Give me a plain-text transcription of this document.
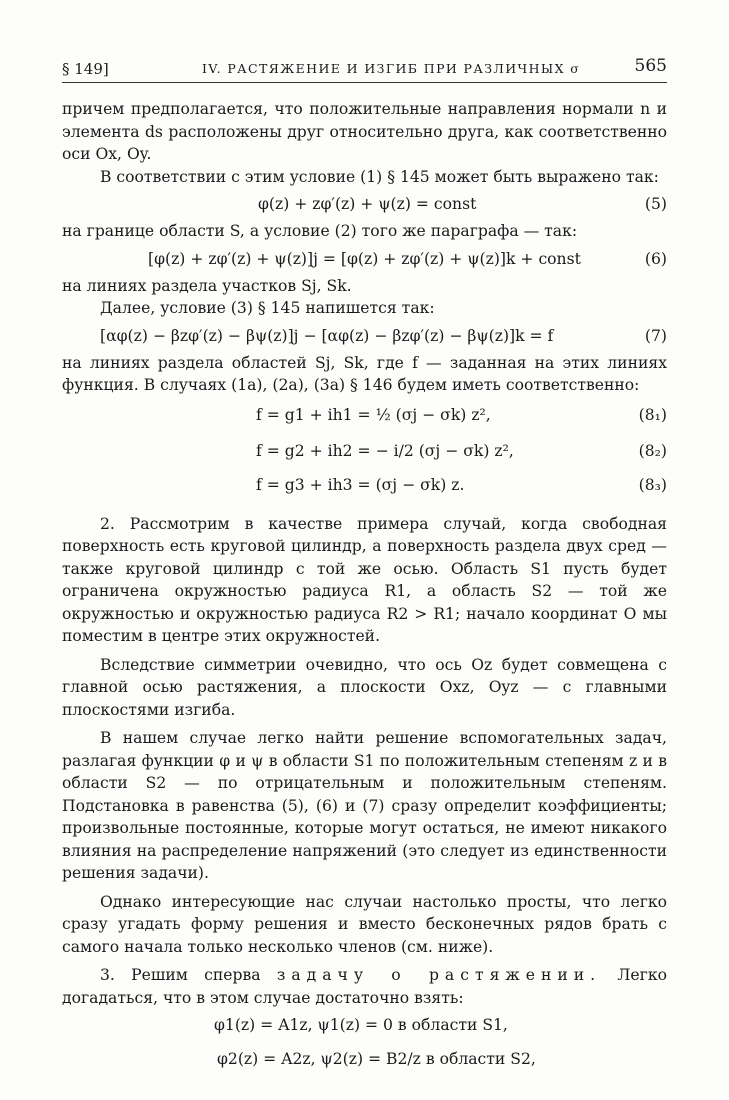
§ 149]	IV. РАСТЯЖЕНИЕ И ИЗГИБ ПРИ РАЗЛИЧНЫХ σ	565

причем предполагается, что положительные направления нормали n и элемента ds расположены друг относительно друга, как соответственно оси Ox, Oy.

В соответствии с этим условие (1) § 145 может быть выражено так:

φ(z) + zφ′(z) + ψ(z) = const	(5)

на границе области S, а условие (2) того же параграфа — так:

[φ(z) + zφ′(z) + ψ(z)]j = [φ(z) + zφ′(z) + ψ(z)]k + const	(6)

на линиях раздела участков Sj, Sk.

Далее, условие (3) § 145 напишется так:

[αφ(z) − βzφ′(z) − βψ(z)]j − [αφ(z) − βzφ′(z) − βψ(z)]k = f	(7)

на линиях раздела областей Sj, Sk, где f — заданная на этих линиях функция. В случаях (1а), (2а), (3а) § 146 будем иметь соответственно:

f = g1 + ih1 = ½ (σj − σk) z²,	(8₁)
f = g2 + ih2 = − i/2 (σj − σk) z²,	(8₂)
f = g3 + ih3 = (σj − σk) z.	(8₃)

2. Рассмотрим в качестве примера случай, когда свободная поверхность есть круговой цилиндр, а поверхность раздела двух сред — также круговой цилиндр с той же осью. Область S1 пусть будет ограничена окружностью радиуса R1, а область S2 — той же окружностью и окружностью радиуса R2 > R1; начало координат O мы поместим в центре этих окружностей.

Вследствие симметрии очевидно, что ось Oz будет совмещена с главной осью растяжения, а плоскости Oxz, Oyz — с главными плоскостями изгиба.

В нашем случае легко найти решение вспомогательных задач, разлагая функции φ и ψ в области S1 по положительным степеням z и в области S2 — по отрицательным и положительным степеням. Подстановка в равенства (5), (6) и (7) сразу определит коэффициенты; произвольные постоянные, которые могут остаться, не имеют никакого влияния на распределение напряжений (это следует из единственности решения задачи).

Однако интересующие нас случаи настолько просты, что легко сразу угадать форму решения и вместо бесконечных рядов брать с самого начала только несколько членов (см. ниже).

3. Решим сперва задачу о растяжении. Легко догадаться, что в этом случае достаточно взять:

φ1(z) = A1z, ψ1(z) = 0 в области S1,
φ2(z) = A2z, ψ2(z) = B2/z в области S2,
